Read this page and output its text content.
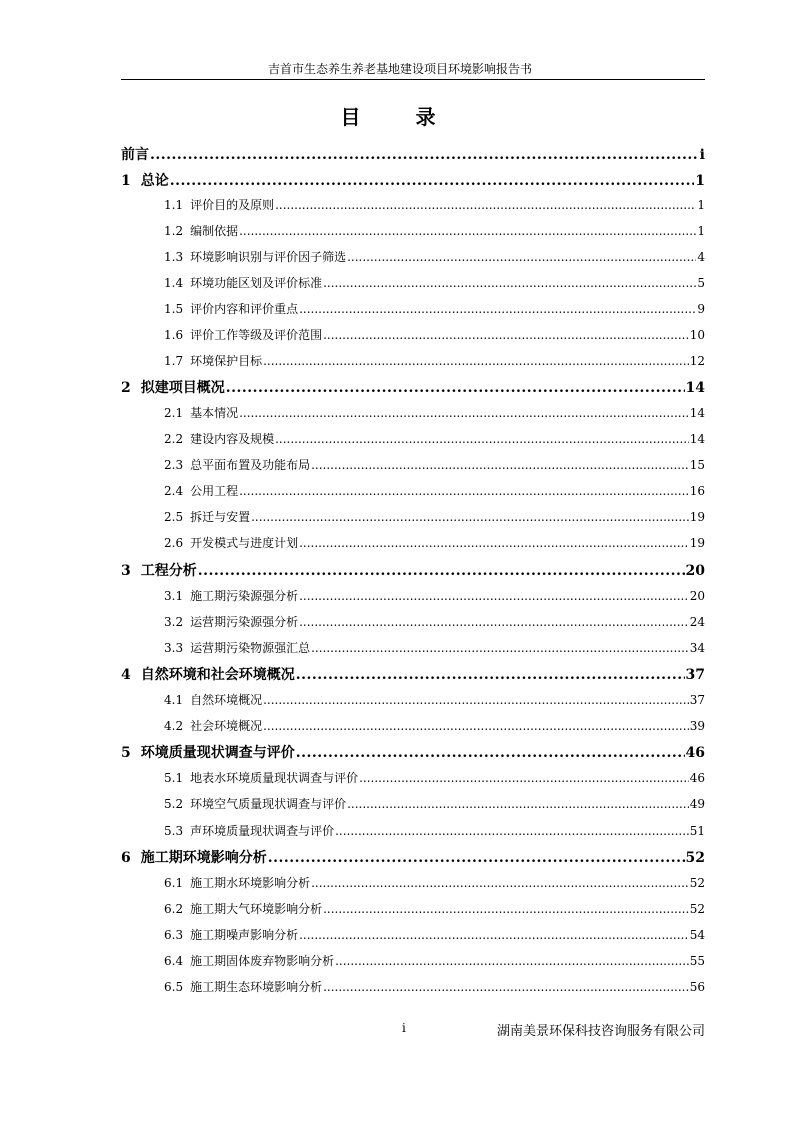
吉首市生态养生养老基地建设项目环境影响报告书
目 录
前言 .....	i
1 总论 .....	1
1.1 评价目的及原则 .....	1
1.2 编制依据 .....	1
1.3 环境影响识别与评价因子筛选 .....	4
1.4 环境功能区划及评价标准 .....	5
1.5 评价内容和评价重点 .....	9
1.6 评价工作等级及评价范围 .....	10
1.7 环境保护目标 .....	12
2 拟建项目概况 .....	14
2.1 基本情况 .....	14
2.2 建设内容及规模 .....	14
2.3 总平面布置及功能布局 .....	15
2.4 公用工程 .....	16
2.5 拆迁与安置 .....	19
2.6 开发模式与进度计划 .....	19
3 工程分析 .....	20
3.1 施工期污染源强分析 .....	20
3.2 运营期污染源强分析 .....	24
3.3 运营期污染物源强汇总 .....	34
4 自然环境和社会环境概况 .....	37
4.1 自然环境概况 .....	37
4.2 社会环境概况 .....	39
5 环境质量现状调查与评价 .....	46
5.1 地表水环境质量现状调查与评价 .....	46
5.2 环境空气质量现状调查与评价 .....	49
5.3 声环境质量现状调查与评价 .....	51
6 施工期环境影响分析 .....	52
6.1 施工期水环境影响分析 .....	52
6.2 施工期大气环境影响分析 .....	52
6.3 施工期噪声影响分析 .....	54
6.4 施工期固体废弃物影响分析 .....	55
6.5 施工期生态环境影响分析 .....	56
i	湖南美景环保科技咨询服务有限公司
